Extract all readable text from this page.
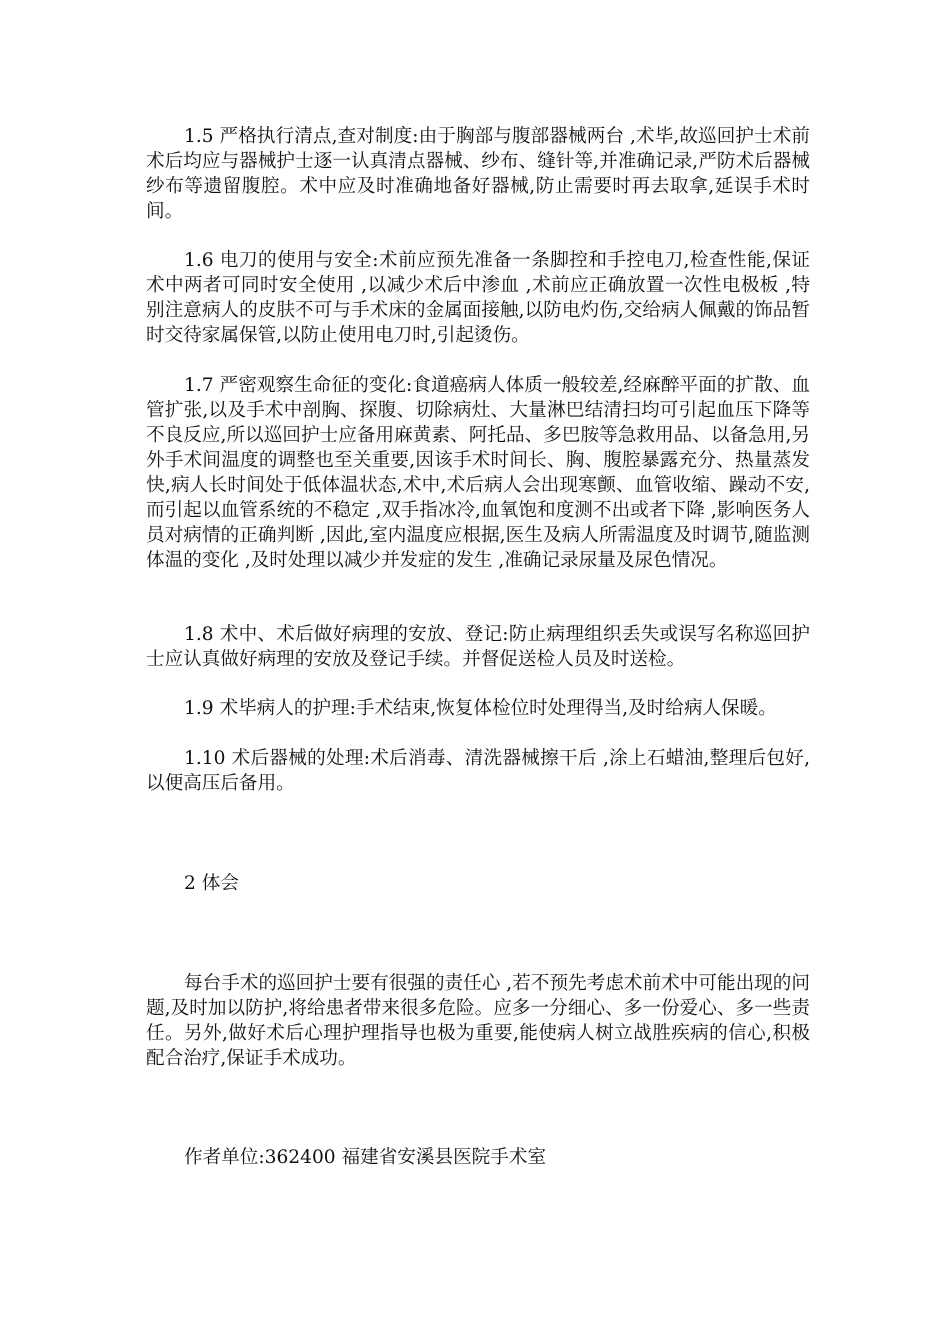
1.5 严格执行清点,查对制度:由于胸部与腹部器械两台 ,术毕,故巡回护士术前术后均应与器械护士逐一认真清点器械、纱布、缝针等,并准确记录,严防术后器械纱布等遗留腹腔。术中应及时准确地备好器械,防止需要时再去取拿,延误手术时间。

1.6 电刀的使用与安全:术前应预先准备一条脚控和手控电刀,检查性能,保证术中两者可同时安全使用 ,以减少术后中渗血 ,术前应正确放置一次性电极板 ,特别注意病人的皮肤不可与手术床的金属面接触,以防电灼伤,交给病人佩戴的饰品暂时交待家属保管,以防止使用电刀时,引起烫伤。

1.7 严密观察生命征的变化:食道癌病人体质一般较差,经麻醉平面的扩散、血管扩张,以及手术中剖胸、探腹、切除病灶、大量淋巴结清扫均可引起血压下降等不良反应,所以巡回护士应备用麻黄素、阿托品、多巴胺等急救用品、以备急用,另外手术间温度的调整也至关重要,因该手术时间长、胸、腹腔暴露充分、热量蒸发快,病人长时间处于低体温状态,术中,术后病人会出现寒颤、血管收缩、躁动不安,而引起以血管系统的不稳定 ,双手指冰冷,血氧饱和度测不出或者下降 ,影响医务人员对病情的正确判断 ,因此,室内温度应根据,医生及病人所需温度及时调节,随监测体温的变化 ,及时处理以减少并发症的发生 ,准确记录尿量及尿色情况。

1.8 术中、术后做好病理的安放、登记:防止病理组织丢失或误写名称巡回护士应认真做好病理的安放及登记手续。并督促送检人员及时送检。

1.9 术毕病人的护理:手术结束,恢复体检位时处理得当,及时给病人保暖。

1.10 术后器械的处理:术后消毒、清洗器械擦干后 ,涂上石蜡油,整理后包好,以便高压后备用。

2 体会

每台手术的巡回护士要有很强的责任心 ,若不预先考虑术前术中可能出现的问题,及时加以防护,将给患者带来很多危险。应多一分细心、多一份爱心、多一些责任。另外,做好术后心理护理指导也极为重要,能使病人树立战胜疾病的信心,积极配合治疗,保证手术成功。

作者单位:362400 福建省安溪县医院手术室
